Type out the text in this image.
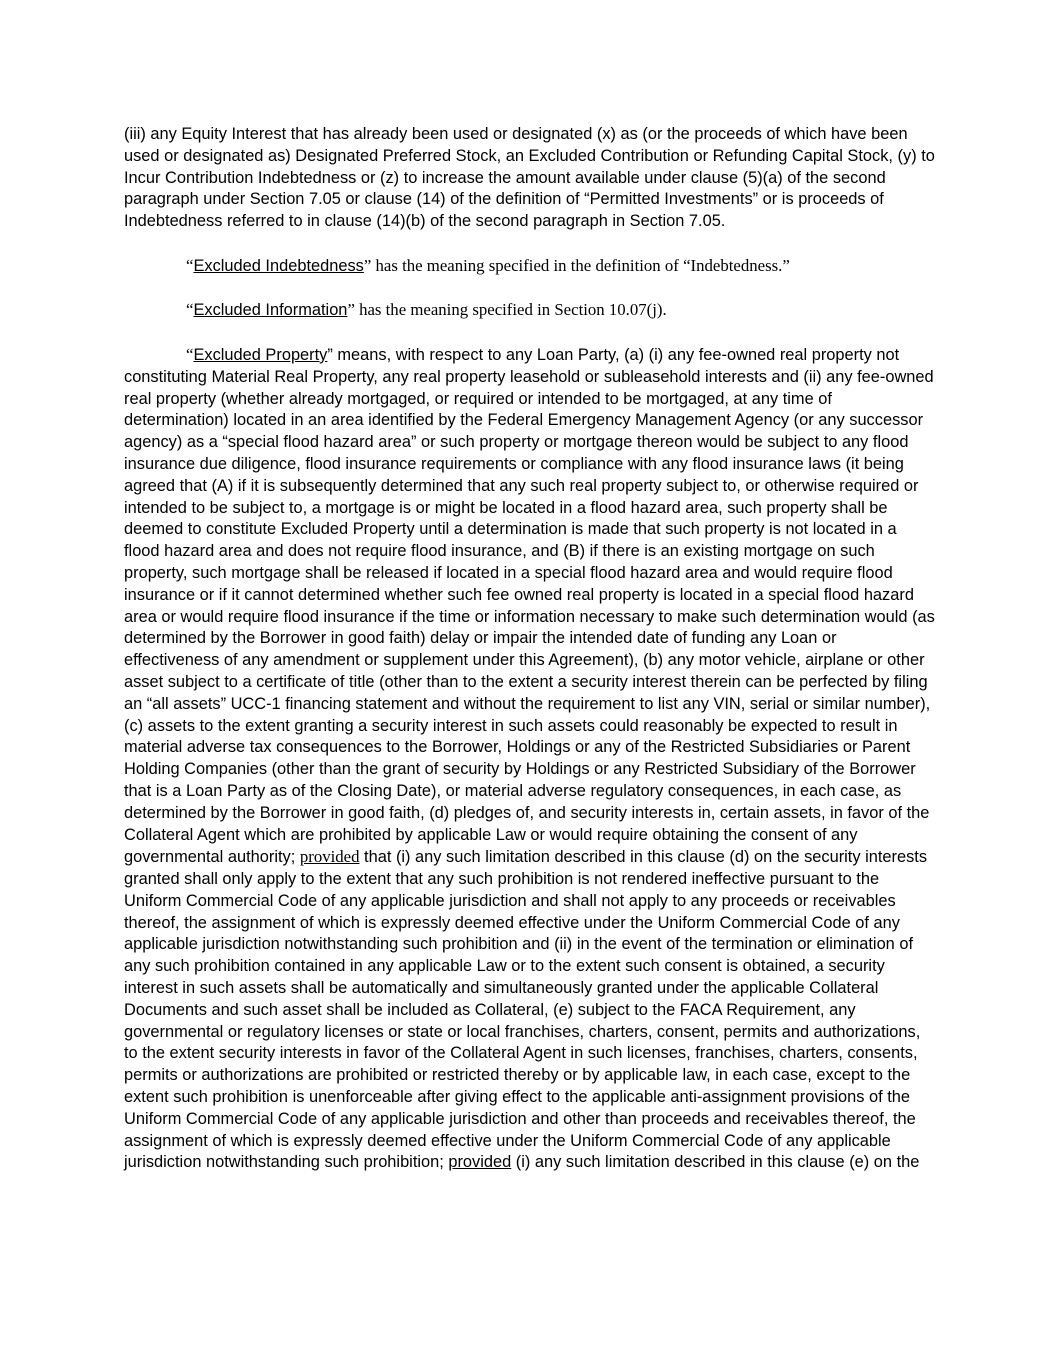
(iii) any Equity Interest that has already been used or designated (x) as (or the proceeds of which have been used or designated as) Designated Preferred Stock, an Excluded Contribution or Refunding Capital Stock, (y) to Incur Contribution Indebtedness or (z) to increase the amount available under clause (5)(a) of the second paragraph under Section 7.05 or clause (14) of the definition of “Permitted Investments” or is proceeds of Indebtedness referred to in clause (14)(b) of the second paragraph in Section 7.05.

“Excluded Indebtedness” has the meaning specified in the definition of “Indebtedness.”

“Excluded Information” has the meaning specified in Section 10.07(j).

“Excluded Property” means, with respect to any Loan Party, (a) (i) any fee-owned real property not constituting Material Real Property, any real property leasehold or subleasehold interests and (ii) any fee-owned real property (whether already mortgaged, or required or intended to be mortgaged, at any time of determination) located in an area identified by the Federal Emergency Management Agency (or any successor agency) as a “special flood hazard area” or such property or mortgage thereon would be subject to any flood insurance due diligence, flood insurance requirements or compliance with any flood insurance laws (it being agreed that (A) if it is subsequently determined that any such real property subject to, or otherwise required or intended to be subject to, a mortgage is or might be located in a flood hazard area, such property shall be deemed to constitute Excluded Property until a determination is made that such property is not located in a flood hazard area and does not require flood insurance, and (B) if there is an existing mortgage on such property, such mortgage shall be released if located in a special flood hazard area and would require flood insurance or if it cannot determined whether such fee owned real property is located in a special flood hazard area or would require flood insurance if the time or information necessary to make such determination would (as determined by the Borrower in good faith) delay or impair the intended date of funding any Loan or effectiveness of any amendment or supplement under this Agreement), (b) any motor vehicle, airplane or other asset subject to a certificate of title (other than to the extent a security interest therein can be perfected by filing an “all assets” UCC-1 financing statement and without the requirement to list any VIN, serial or similar number), (c) assets to the extent granting a security interest in such assets could reasonably be expected to result in material adverse tax consequences to the Borrower, Holdings or any of the Restricted Subsidiaries or Parent Holding Companies (other than the grant of security by Holdings or any Restricted Subsidiary of the Borrower that is a Loan Party as of the Closing Date), or material adverse regulatory consequences, in each case, as determined by the Borrower in good faith, (d) pledges of, and security interests in, certain assets, in favor of the Collateral Agent which are prohibited by applicable Law or would require obtaining the consent of any governmental authority; provided that (i) any such limitation described in this clause (d) on the security interests granted shall only apply to the extent that any such prohibition is not rendered ineffective pursuant to the Uniform Commercial Code of any applicable jurisdiction and shall not apply to any proceeds or receivables thereof, the assignment of which is expressly deemed effective under the Uniform Commercial Code of any applicable jurisdiction notwithstanding such prohibition and (ii) in the event of the termination or elimination of any such prohibition contained in any applicable Law or to the extent such consent is obtained, a security interest in such assets shall be automatically and simultaneously granted under the applicable Collateral Documents and such asset shall be included as Collateral, (e) subject to the FACA Requirement, any governmental or regulatory licenses or state or local franchises, charters, consent, permits and authorizations, to the extent security interests in favor of the Collateral Agent in such licenses, franchises, charters, consents, permits or authorizations are prohibited or restricted thereby or by applicable law, in each case, except to the extent such prohibition is unenforceable after giving effect to the applicable anti-assignment provisions of the Uniform Commercial Code of any applicable jurisdiction and other than proceeds and receivables thereof, the assignment of which is expressly deemed effective under the Uniform Commercial Code of any applicable jurisdiction notwithstanding such prohibition; provided (i) any such limitation described in this clause (e) on the
